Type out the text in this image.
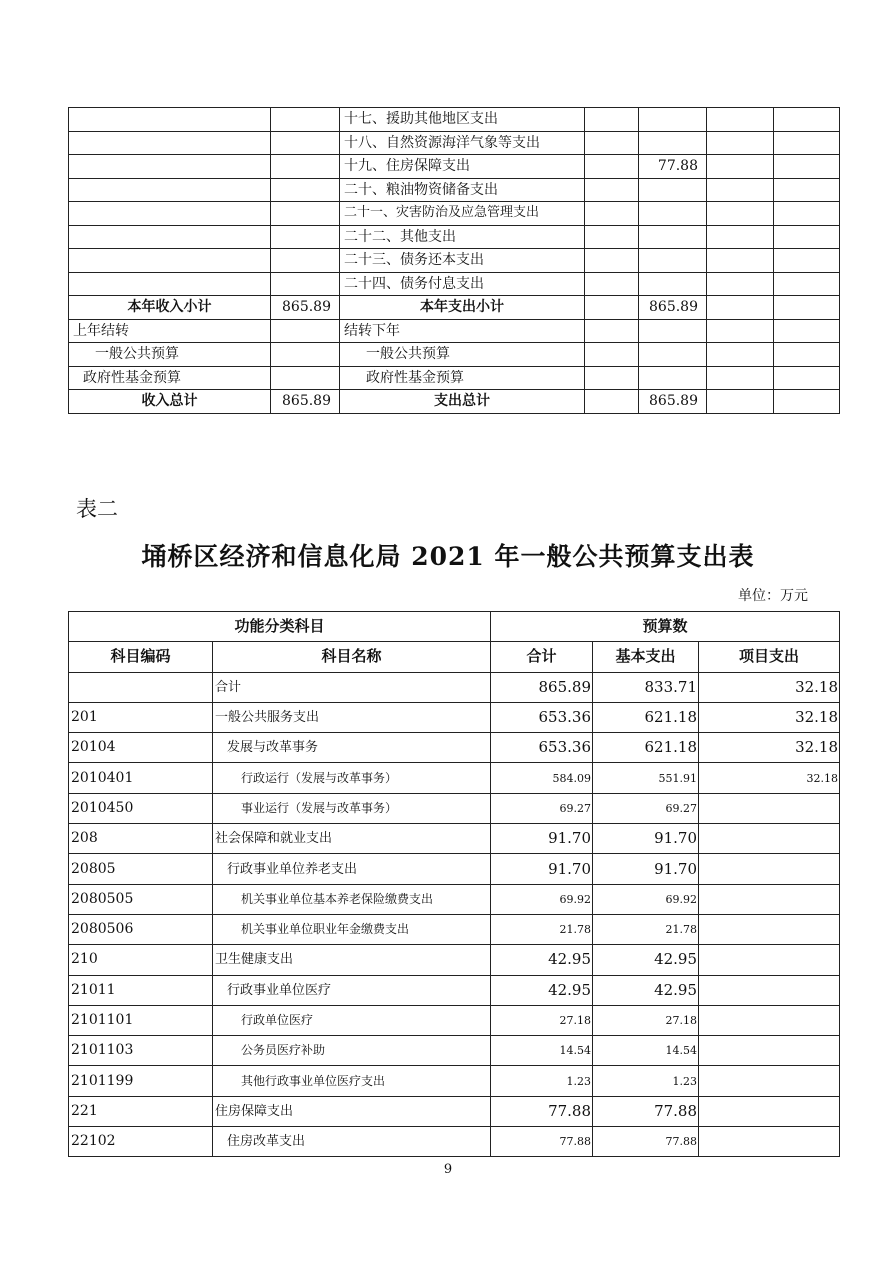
		十七、援助其他地区支出				
		十八、自然资源海洋气象等支出				
		十九、住房保障支出		77.88		
		二十、粮油物资储备支出				
		二十一、灾害防治及应急管理支出				
		二十二、其他支出				
		二十三、债务还本支出				
		二十四、债务付息支出				
本年收入小计	865.89	本年支出小计		865.89		
上年结转		结转下年				
一般公共预算		一般公共预算				
政府性基金预算		政府性基金预算				
收入总计	865.89	支出总计		865.89		
表二
埇桥区经济和信息化局 2021 年一般公共预算支出表
单位：万元
功能分类科目		预算数		
科目编码	科目名称	合计	基本支出	项目支出
	合计	865.89	833.71	32.18
201	一般公共服务支出	653.36	621.18	32.18
20104	发展与改革事务	653.36	621.18	32.18
2010401	行政运行（发展与改革事务）	584.09	551.91	32.18
2010450	事业运行（发展与改革事务）	69.27	69.27	
208	社会保障和就业支出	91.70	91.70	
20805	行政事业单位养老支出	91.70	91.70	
2080505	机关事业单位基本养老保险缴费支出	69.92	69.92	
2080506	机关事业单位职业年金缴费支出	21.78	21.78	
210	卫生健康支出	42.95	42.95	
21011	行政事业单位医疗	42.95	42.95	
2101101	行政单位医疗	27.18	27.18	
2101103	公务员医疗补助	14.54	14.54	
2101199	其他行政事业单位医疗支出	1.23	1.23	
221	住房保障支出	77.88	77.88	
22102	住房改革支出	77.88	77.88	
9
